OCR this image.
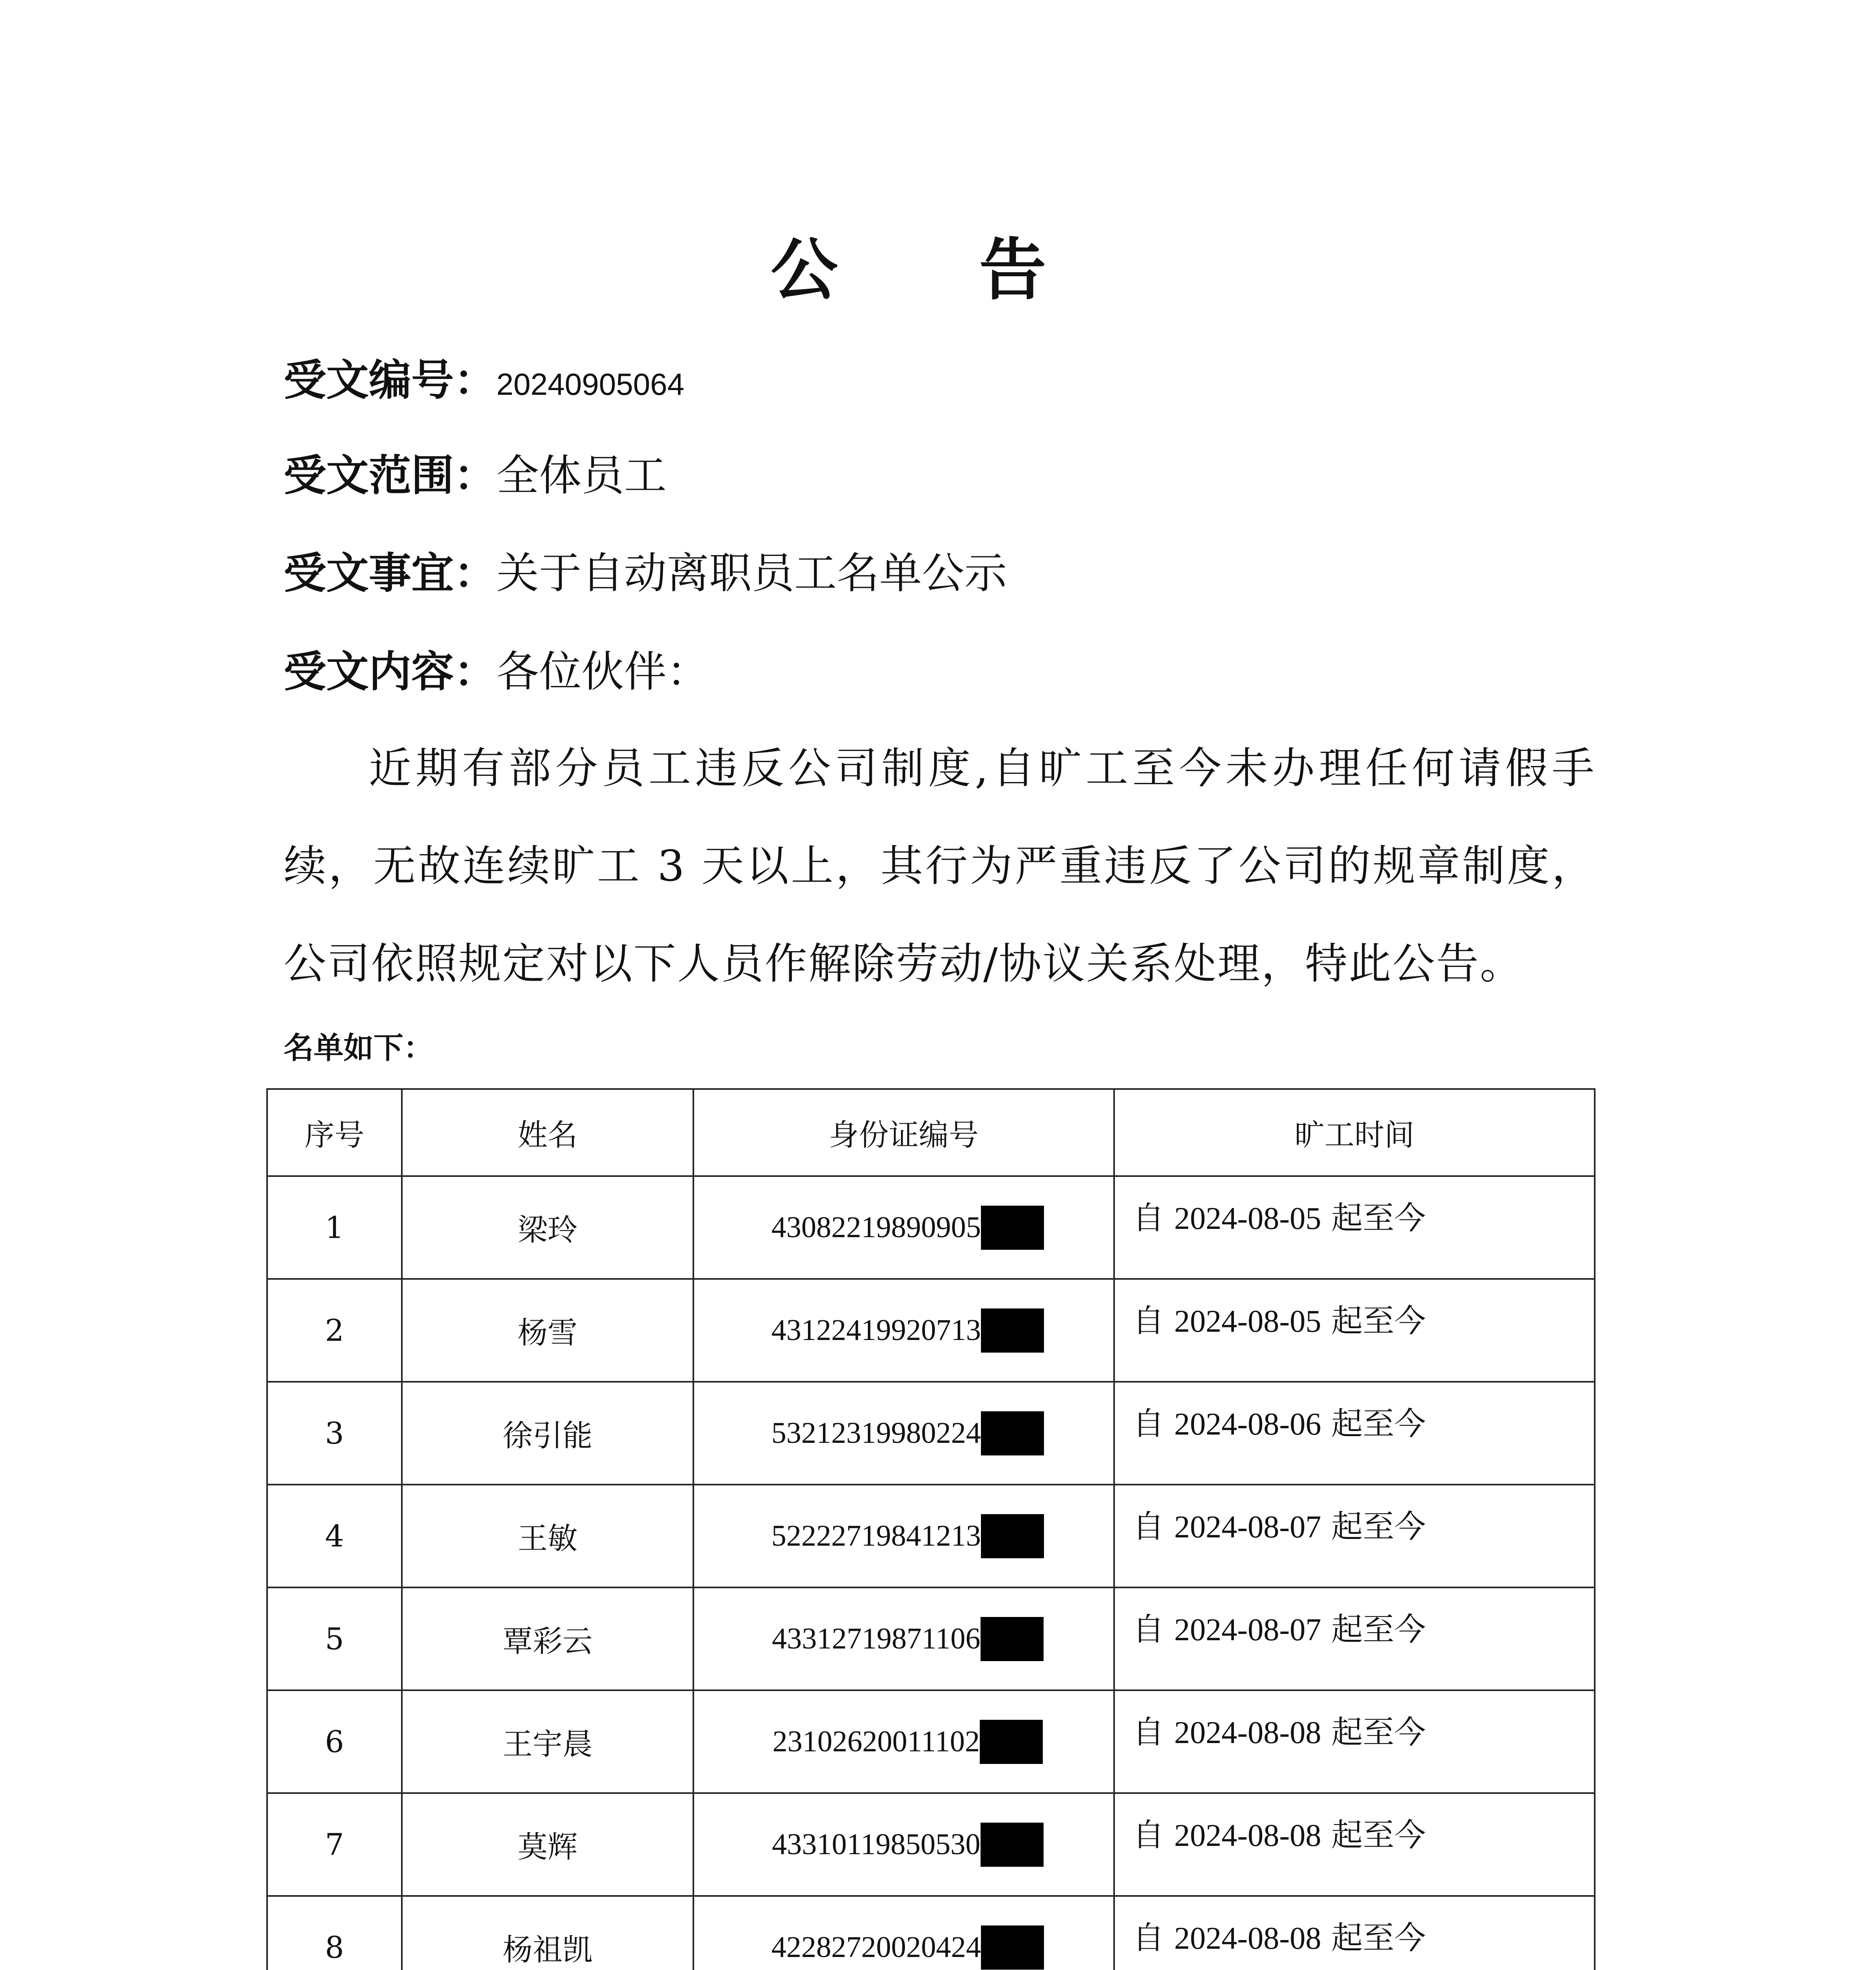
公 告
受文编号：20240905064
受文范围：全体员工
受文事宜：关于自动离职员工名单公示
受文内容：各位伙伴：
近期有部分员工违反公司制度,自旷工至今未办理任何请假手续，无故连续旷工 3 天以上，其行为严重违反了公司的规章制度，公司依照规定对以下人员作解除劳动/协议关系处理，特此公告。
名单如下：
序号	姓名	身份证编号	旷工时间
1	梁玲	43082219890905	自 2024-08-05 起至今
2	杨雪	43122419920713	自 2024-08-05 起至今
3	徐引能	53212319980224	自 2024-08-06 起至今
4	王敏	52222719841213	自 2024-08-07 起至今
5	覃彩云	43312719871106	自 2024-08-07 起至今
6	王宇晨	23102620011102	自 2024-08-08 起至今
7	莫辉	43310119850530	自 2024-08-08 起至今
8	杨祖凯	42282720020424	自 2024-08-08 起至今
